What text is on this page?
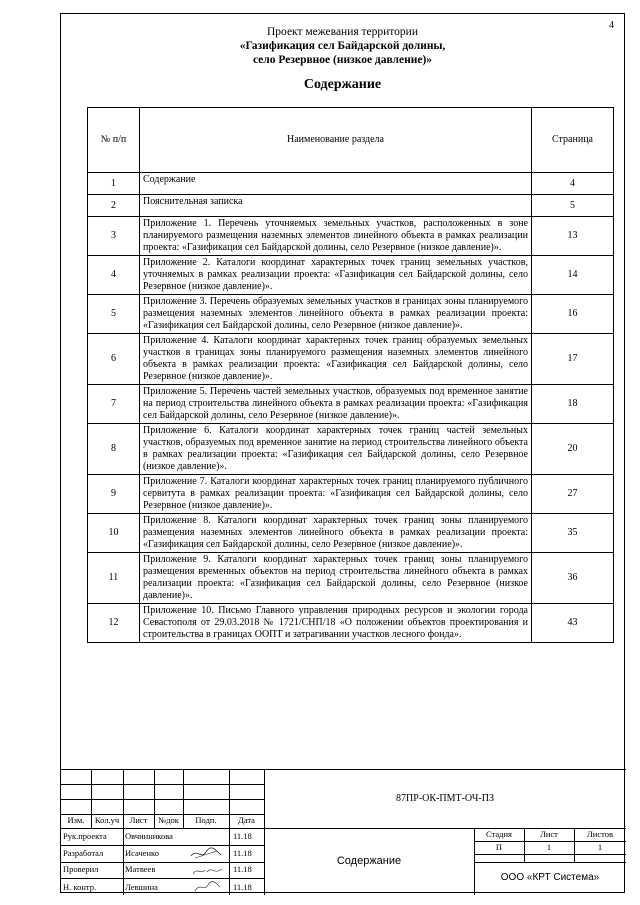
4
Проект межевания территории
«Газификация сел Байдарской долины,
село Резервное (низкое давление)»
Содержание
№ п/п	Наименование раздела	Страница
1	Содержание	4
2	Пояснительная записка	5
3	Приложение 1. Перечень уточняемых земельных участков, расположенных в зоне планируемого размещения наземных элементов линейного объекта в рамках реализации проекта: «Газификация сел Байдарской долины, село Резервное (низкое давление)».	13
4	Приложение 2. Каталоги координат характерных точек границ земельных участков, уточняемых в рамках реализации проекта: «Газификация сел Байдарской долины, село Резервное (низкое давление)».	14
5	Приложение 3. Перечень образуемых земельных участков в границах зоны планируемого размещения наземных элементов линейного объекта в рамках реализации проекта: «Газификация сел Байдарской долины, село Резервное (низкое давление)».	16
6	Приложение 4. Каталоги координат характерных точек границ образуемых земельных участков в границах зоны планируемого размещения наземных элементов линейного объекта в рамках реализации проекта: «Газификация сел Байдарской долины, село Резервное (низкое давление)».	17
7	Приложение 5. Перечень частей земельных участков, образуемых под временное занятие на период строительства линейного объекта в рамках реализации проекта: «Газификация сел Байдарской долины, село Резервное (низкое давление)».	18
8	Приложение 6. Каталоги координат характерных точек границ частей земельных участков, образуемых под временное занятие на период строительства линейного объекта в рамках реализации проекта: «Газификация сел Байдарской долины, село Резервное (низкое давление)».	20
9	Приложение 7. Каталоги координат характерных точек границ планируемого публичного сервитута в рамках реализации проекта: «Газификация сел Байдарской долины, село Резервное (низкое давление)».	27
10	Приложение 8. Каталоги координат характерных точек границ зоны планируемого размещения наземных элементов линейного объекта в рамках реализации проекта: «Газификация сел Байдарской долины, село Резервное (низкое давление)».	35
11	Приложение 9. Каталоги координат характерных точек границ зоны планируемого размещения временных объектов на период строительства линейного объекта в рамках реализации проекта: «Газификация сел Байдарской долины, село Резервное (низкое давление)».	36
12	Приложение 10. Письмо Главного управления природных ресурсов и экологии города Севастополя от 29.03.2018 № 1721/СНП/18 «О положении объектов проектирования и строительства в границах ООПТ и затрагивании участков лесного фонда».	43
Изм.	Кол.уч	Лист	№док	Подп.	Дата
Рук.проекта Овчинникова	11.18
Разработал	Исаченко	11.18
Проверил	Матвеев	11.18
Н. контр.	Левшина	11.18
87ПР-ОК-ПМТ-ОЧ-ПЗ
Содержание
Стадия	Лист	Листов
П	1	1
ООО «КРТ Система»
